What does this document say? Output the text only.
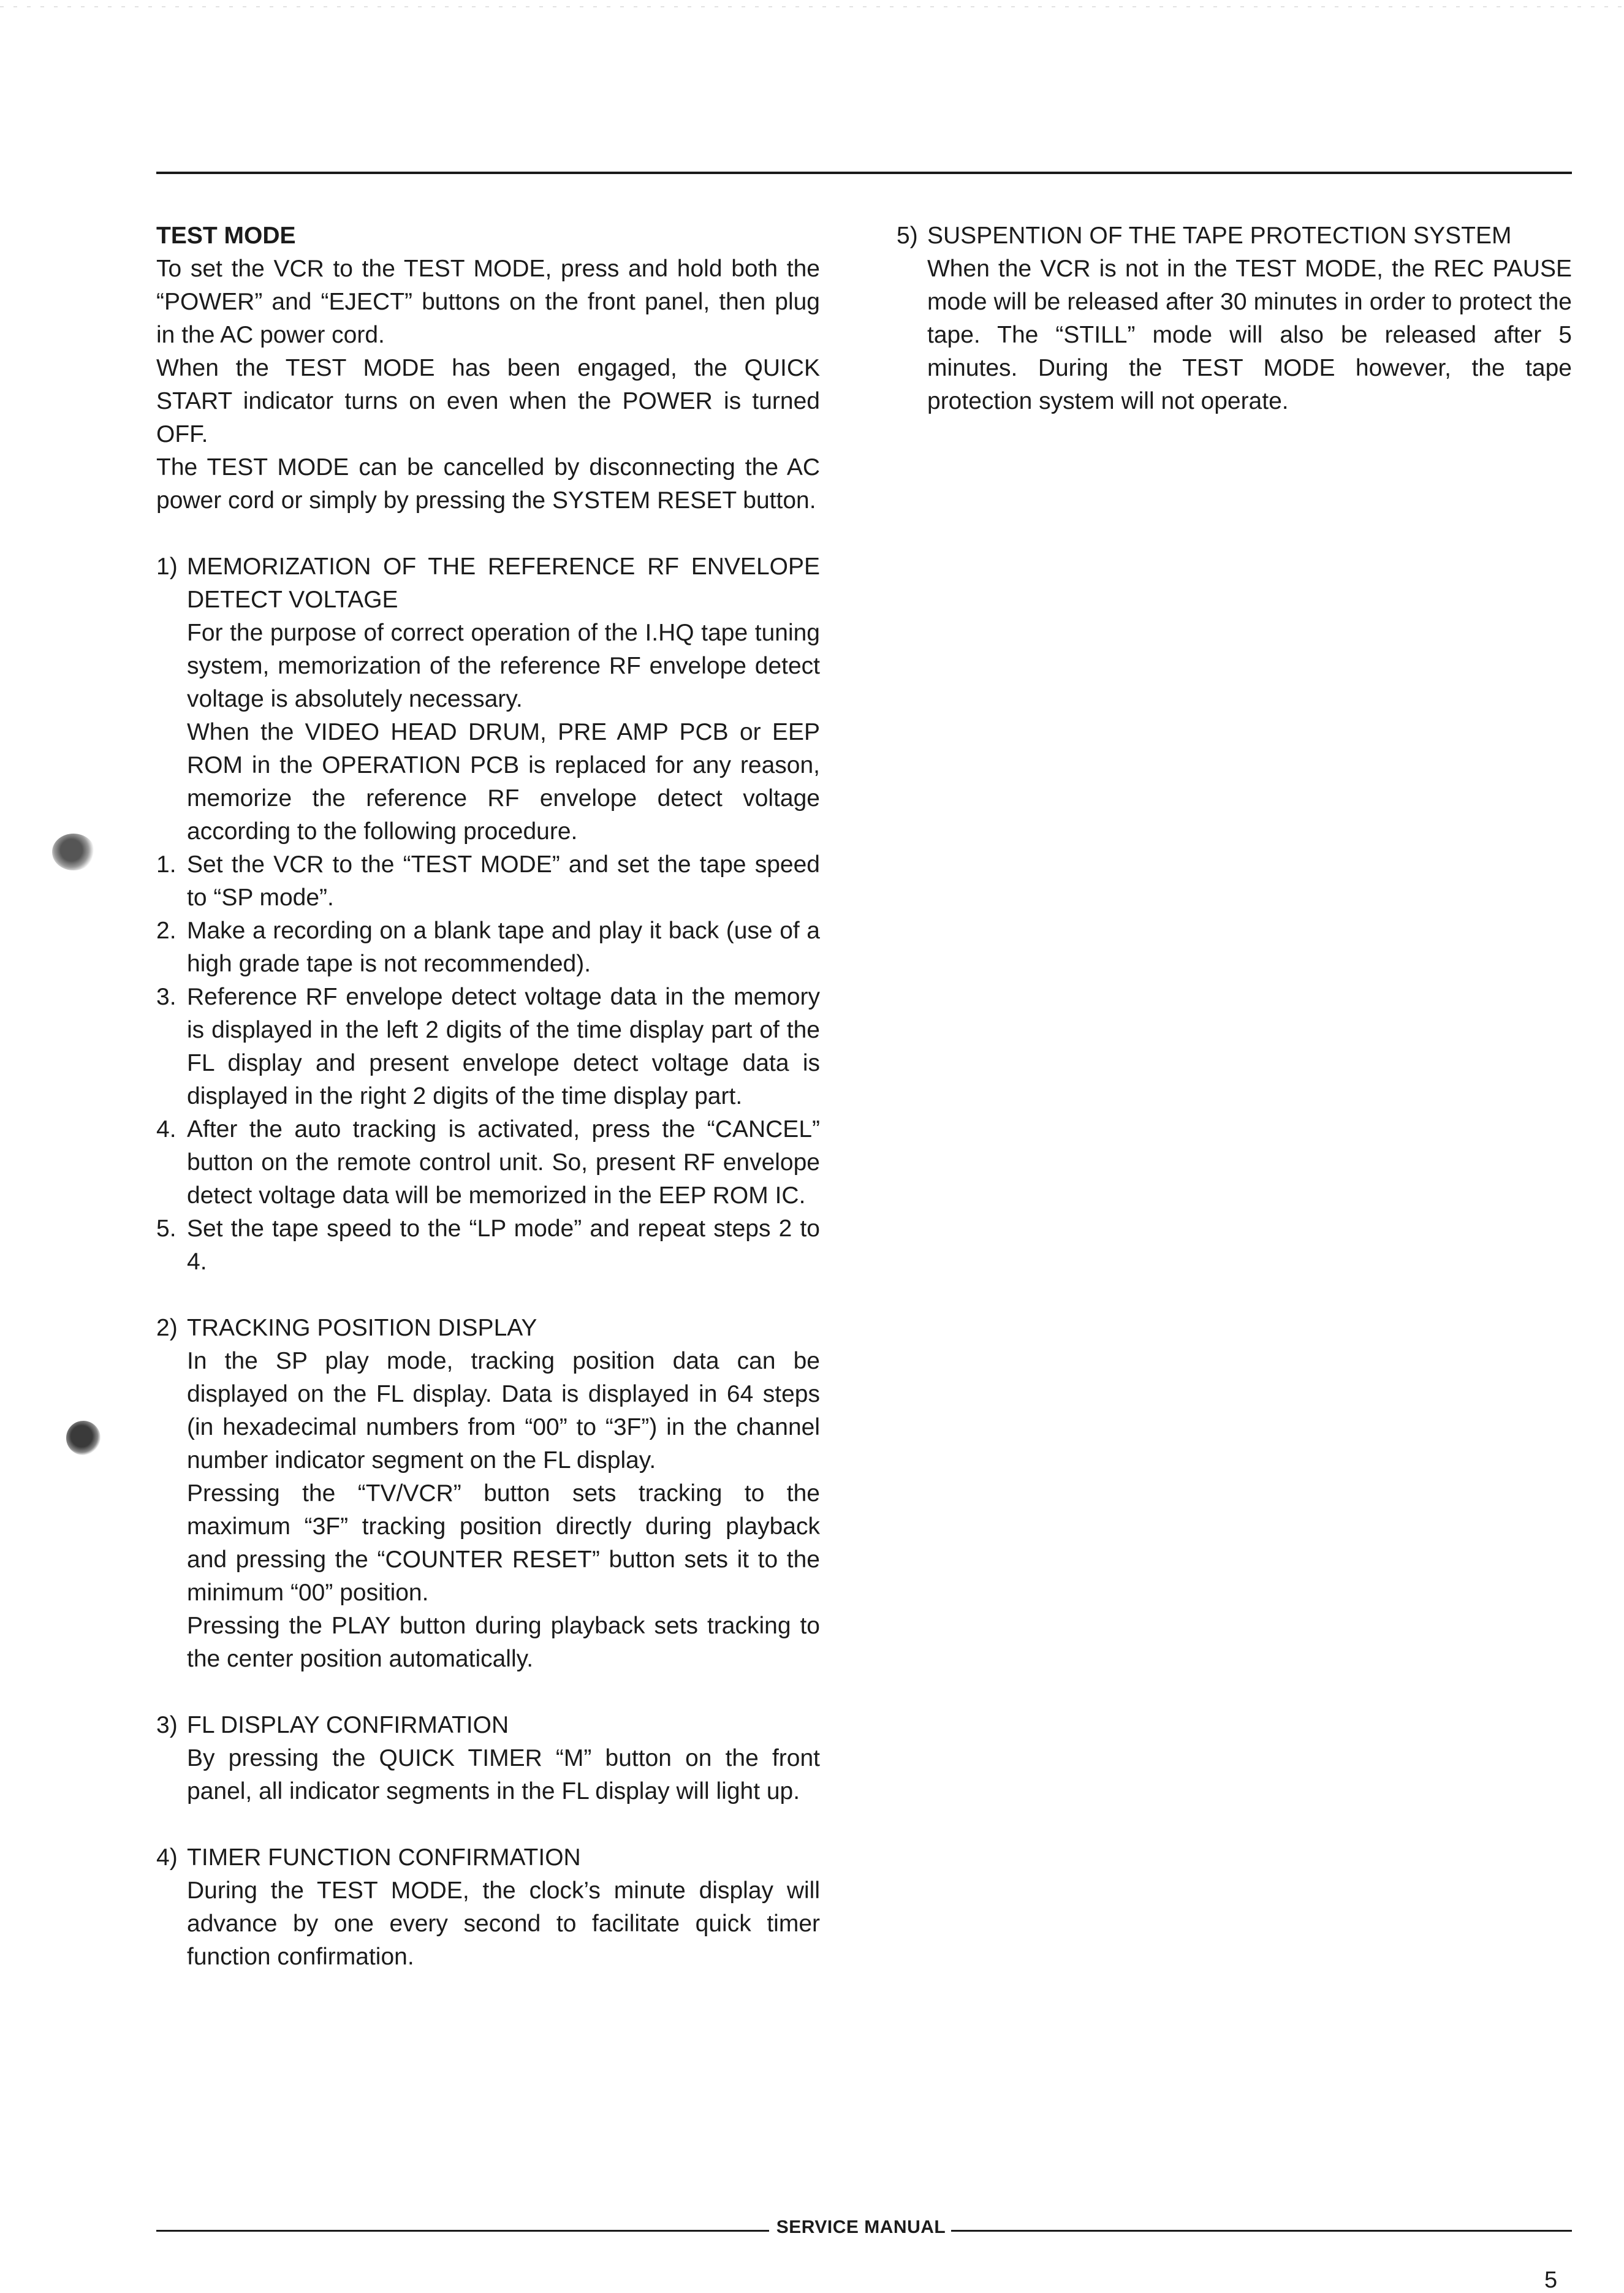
TEST MODE

To set the VCR to the TEST MODE, press and hold both the “POWER” and “EJECT” buttons on the front panel, then plug in the AC power cord.

When the TEST MODE has been engaged, the QUICK START indicator turns on even when the POWER is turned OFF.

The TEST MODE can be cancelled by disconnecting the AC power cord or simply by pressing the SYSTEM RESET button.

1) MEMORIZATION OF THE REFERENCE RF ENVELOPE DETECT VOLTAGE

For the purpose of correct operation of the I.HQ tape tuning system, memorization of the reference RF envelope detect voltage is absolutely necessary.

When the VIDEO HEAD DRUM, PRE AMP PCB or EEP ROM in the OPERATION PCB is replaced for any reason, memorize the reference RF envelope detect voltage according to the following procedure.

1. Set the VCR to the “TEST MODE” and set the tape speed to “SP mode”.

2. Make a recording on a blank tape and play it back (use of a high grade tape is not recommended).

3. Reference RF envelope detect voltage data in the memory is displayed in the left 2 digits of the time display part of the FL display and present envelope detect voltage data is displayed in the right 2 digits of the time display part.

4. After the auto tracking is activated, press the “CANCEL” button on the remote control unit. So, present RF envelope detect voltage data will be memorized in the EEP ROM IC.

5. Set the tape speed to the “LP mode” and repeat steps 2 to 4.

2) TRACKING POSITION DISPLAY

In the SP play mode, tracking position data can be displayed on the FL display. Data is displayed in 64 steps (in hexadecimal numbers from “00” to “3F”) in the channel number indicator segment on the FL display.

Pressing the “TV/VCR” button sets tracking to the maximum “3F” tracking position directly during playback and pressing the “COUNTER RESET” button sets it to the minimum “00” position.

Pressing the PLAY button during playback sets tracking to the center position automatically.

3) FL DISPLAY CONFIRMATION

By pressing the QUICK TIMER “M” button on the front panel, all indicator segments in the FL display will light up.

4) TIMER FUNCTION CONFIRMATION

During the TEST MODE, the clock’s minute display will advance by one every second to facilitate quick timer function confirmation.

5) SUSPENTION OF THE TAPE PROTECTION SYSTEM

When the VCR is not in the TEST MODE, the REC PAUSE mode will be released after 30 minutes in order to protect the tape. The “STILL” mode will also be released after 5 minutes. During the TEST MODE however, the tape protection system will not operate.

SERVICE MANUAL
5
